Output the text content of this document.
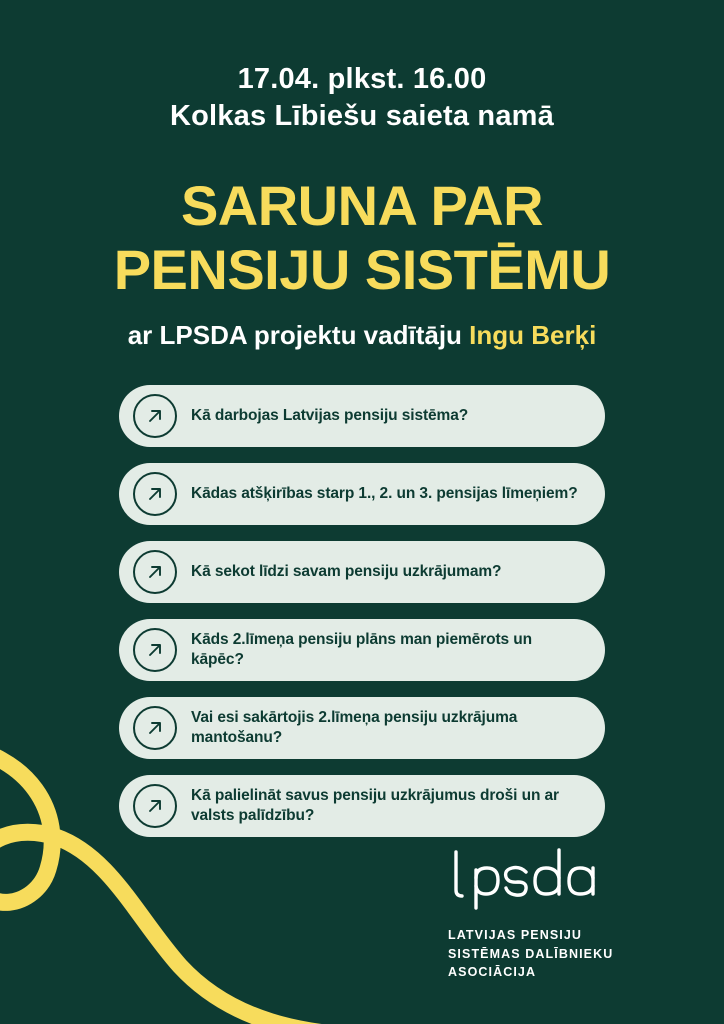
17.04. plkst. 16.00
Kolkas Lībiešu saieta namā
SARUNA PAR
PENSIJU SISTĒMU
ar LPSDA projektu vadītāju Ingu Berķi
Kā darbojas Latvijas pensiju sistēma?
Kādas atšķirības starp 1., 2. un 3. pensijas līmeņiem?
Kā sekot līdzi savam pensiju uzkrājumam?
Kāds 2.līmeņa pensiju plāns man piemērots un kāpēc?
Vai esi sakārtojis 2.līmeņa pensiju uzkrājuma mantošanu?
Kā palielināt savus pensiju uzkrājumus droši un ar valsts palīdzību?
LATVIJAS PENSIJU
SISTĒMAS DALĪBNIEKU
ASOCIĀCIJA
